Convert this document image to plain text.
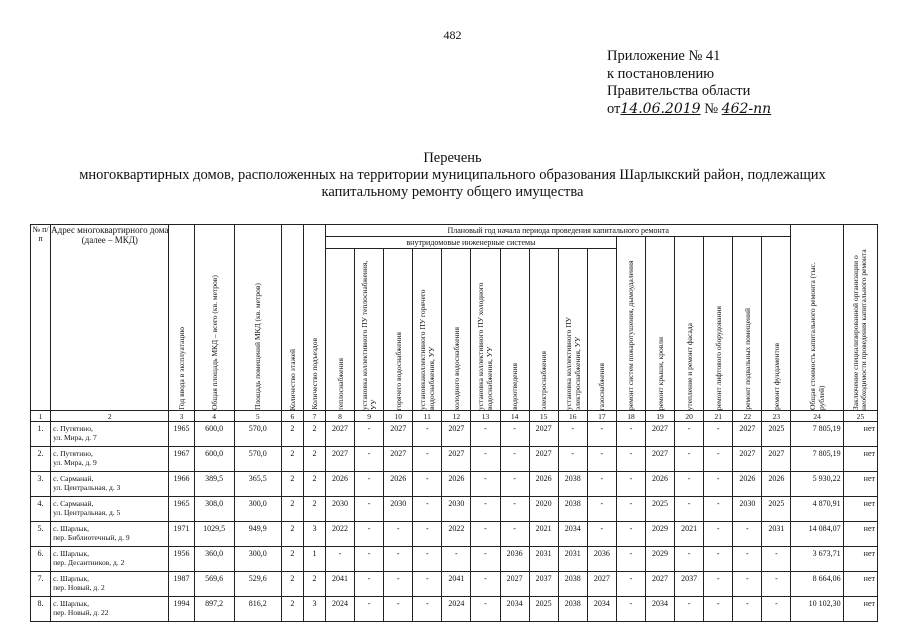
482
Приложение № 41
к постановлению
Правительства области
от14.06.2019 № 462-пп
Перечень
многоквартирных домов, расположенных на территории муниципального образования Шарлыкский район, подлежащих
капитальному ремонту общего имущества
№ п/п	Адрес многоквартирного дома (далее – МКД)	Год ввода в эксплуатацию	Общая площадь МКД – всего (кв. метров)	Площадь помещений МКД (кв. метров)	Количество этажей	Количество подъездов	Плановый год начала периода проведения капитального ремонта																Общая стоимость капитального ремонта (тыс. рублей)	Заключение специализированной организации о необходимости проведения капитального ремонта

							внутридомовые инженерные системы										ремонт систем пожаротушения, дымоудаления	ремонт крыши, кровли	утепление и ремонт фасада	ремонт лифтового оборудования	ремонт подвальных помещений	ремонт фундаментов		

							теплоснабжения	установка коллективного ПУ теплоснабжения, УУ	горячего водоснабжения	установкаколлективного ПУ горячего водоснабжения, УУ	холодного водоснабжения	установка коллективного ПУ холодного водоснабжения, УУ	водоотведения	электроснабжения	установка коллективного ПУ электроснабжения, УУ	газоснабжения								

1	2	3	4	5	6	7	8	9	10	11	12	13	14	15	16	17	18	19	20	21	22	23	24	25
1.	с. Путятино,
ул. Мира, д. 7	1965	600,0	570,0	2	2	2027	-	2027	-	2027	-	-	2027	-	-	-	2027	-	-	2027	2025	7 805,19	нет
2.	с. Путятино,
ул. Мира, д. 9	1967	600,0	570,0	2	2	2027	-	2027	-	2027	-	-	2027	-	-	-	2027	-	-	2027	2027	7 805,19	нет
3.	с. Сарманай,
ул. Центральная, д. 3	1966	389,5	365,5	2	2	2026	-	2026	-	2026	-	-	2026	2038	-	-	2026	-	-	2026	2026	5 930,22	нет
4.	с. Сарманай,
ул. Центральная, д. 5	1965	308,0	300,0	2	2	2030	-	2030	-	2030	-	-	2020	2038	-	-	2025	-	-	2030	2025	4 870,91	нет
5.	с. Шарлык,
пер. Библиотечный, д. 9	1971	1029,5	949,9	2	3	2022	-	-	-	2022	-	-	2021	2034	-	-	2029	2021	-	-	2031	14 084,07	нет
6.	с. Шарлык,
пер. Десантников, д. 2	1956	360,0	300,0	2	1	-	-	-	-	-	-	2036	2031	2031	2036	-	2029	-	-	-	-	3 673,71	нет
7.	с. Шарлык,
пер. Новый, д. 2	1987	569,6	529,6	2	2	2041	-	-	-	2041	-	2027	2037	2038	2027	-	2027	2037	-	-	-	8 664,06	нет
8.	с. Шарлык,
пер. Новый, д. 22	1994	897,2	816,2	2	3	2024	-	-	-	2024	-	2034	2025	2038	2034	-	2034	-	-	-	-	10 102,30	нет
